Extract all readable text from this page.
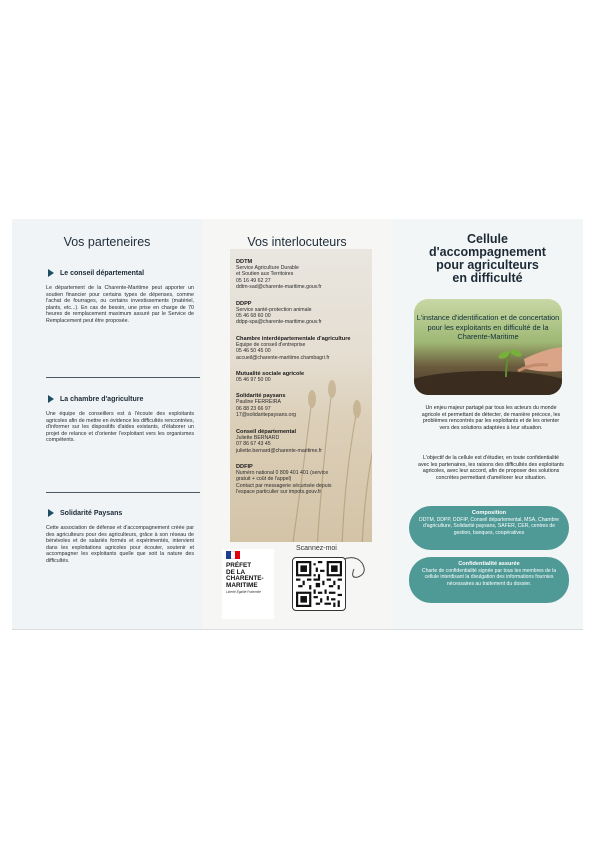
Vos parteneires
Le conseil départemental
Le département de la Charente-Maritime peut apporter un soutien financier pour certains types de dépenses, comme l'achat de fourrages, ou certains investissements (matériel, plants, etc...). En cas de besoin, une prise en charge de 70 heures de remplacement maximum assuré par le Service de Remplacement peut être proposée.
La chambre d'agriculture
Une équipe de conseillers est à l'écoute des exploitants agricoles afin de mettre en évidence les difficultés rencontrées, d'informer sur les dispositifs d'aides existants, d'élaborer un projet de relance et d'orienter l'exploitant vers les organismes compétents.
Solidarité Paysans
Cette association de défense et d'accompagnement créée par des agriculteurs pour des agriculteurs, grâce à son réseau de bénévoles et de salariés formés et expérimentés, intervient dans les exploitations agricoles pour écouter, soutenir et accompagner les exploitants quelle que soit la nature des difficultés.
Vos interlocuteurs
DDTM
Service Agriculture Durable
et Soutien aux Territoires
05 16 49 62 27
ddtm-sad@charente-maritime.gouv.fr
DDPP
Service santé-protection animale
05 46 68 60 00
ddpp-spa@charente-maritime.gouv.fr
Chambre interdépartementale d'agriculture
Equipe de conseil d'entreprise
05 46 50 45 00
accueil@charente-maritime.chambagri.fr
Mutualité sociale agricole
05 46 97 50 00
Solidarité paysans
Pauline FERREIRA
06 88 23 66 97
17@solidaritepaysans.org
Conseil départemental
Juliette BERNARD
07 86 67 43 45
juliette.bernard@charente-maritime.fr
DDFIP
Numéro national 0 809 401 401 (service
gratuit + coût de l'appel)
Contact par messagerie sécurisée depuis
l'espace particulier sur impots.gouv.fr
PRÉFET
DE LA
CHARENTE-
MARITIME
Liberté Égalité Fraternité
Scannez-moi
Cellule
d'accompagnement
pour agriculteurs
en difficulté
L'instance d'identification et de concertation pour les exploitants en difficulté de la Charente-Maritime
Un enjeu majeur partagé par tous les acteurs du monde agricole et permettant de détecter, de manière précoce, les problèmes rencontrés par les exploitants et de les orienter vers des solutions adaptées à leur situation.
L'objectif de la cellule est d'étudier, en toute confidentialité avec les partenaires, les raisons des difficultés des exploitants agricoles, avec leur accord, afin de proposer des solutions concrètes permettant d'améliorer leur situation.
Composition
DDTM, DDPP, DDFIP, Conseil départemental, MSA, Chambre d'agriculture, Solidarité paysans, SAFER, CER, centres de gestion, banques, coopératives
Confidentialité assurée
Charte de confidentialité signée par tous les membres de la cellule interdisant la divulgation des informations fournies nécessaires au traitement du dossier.
